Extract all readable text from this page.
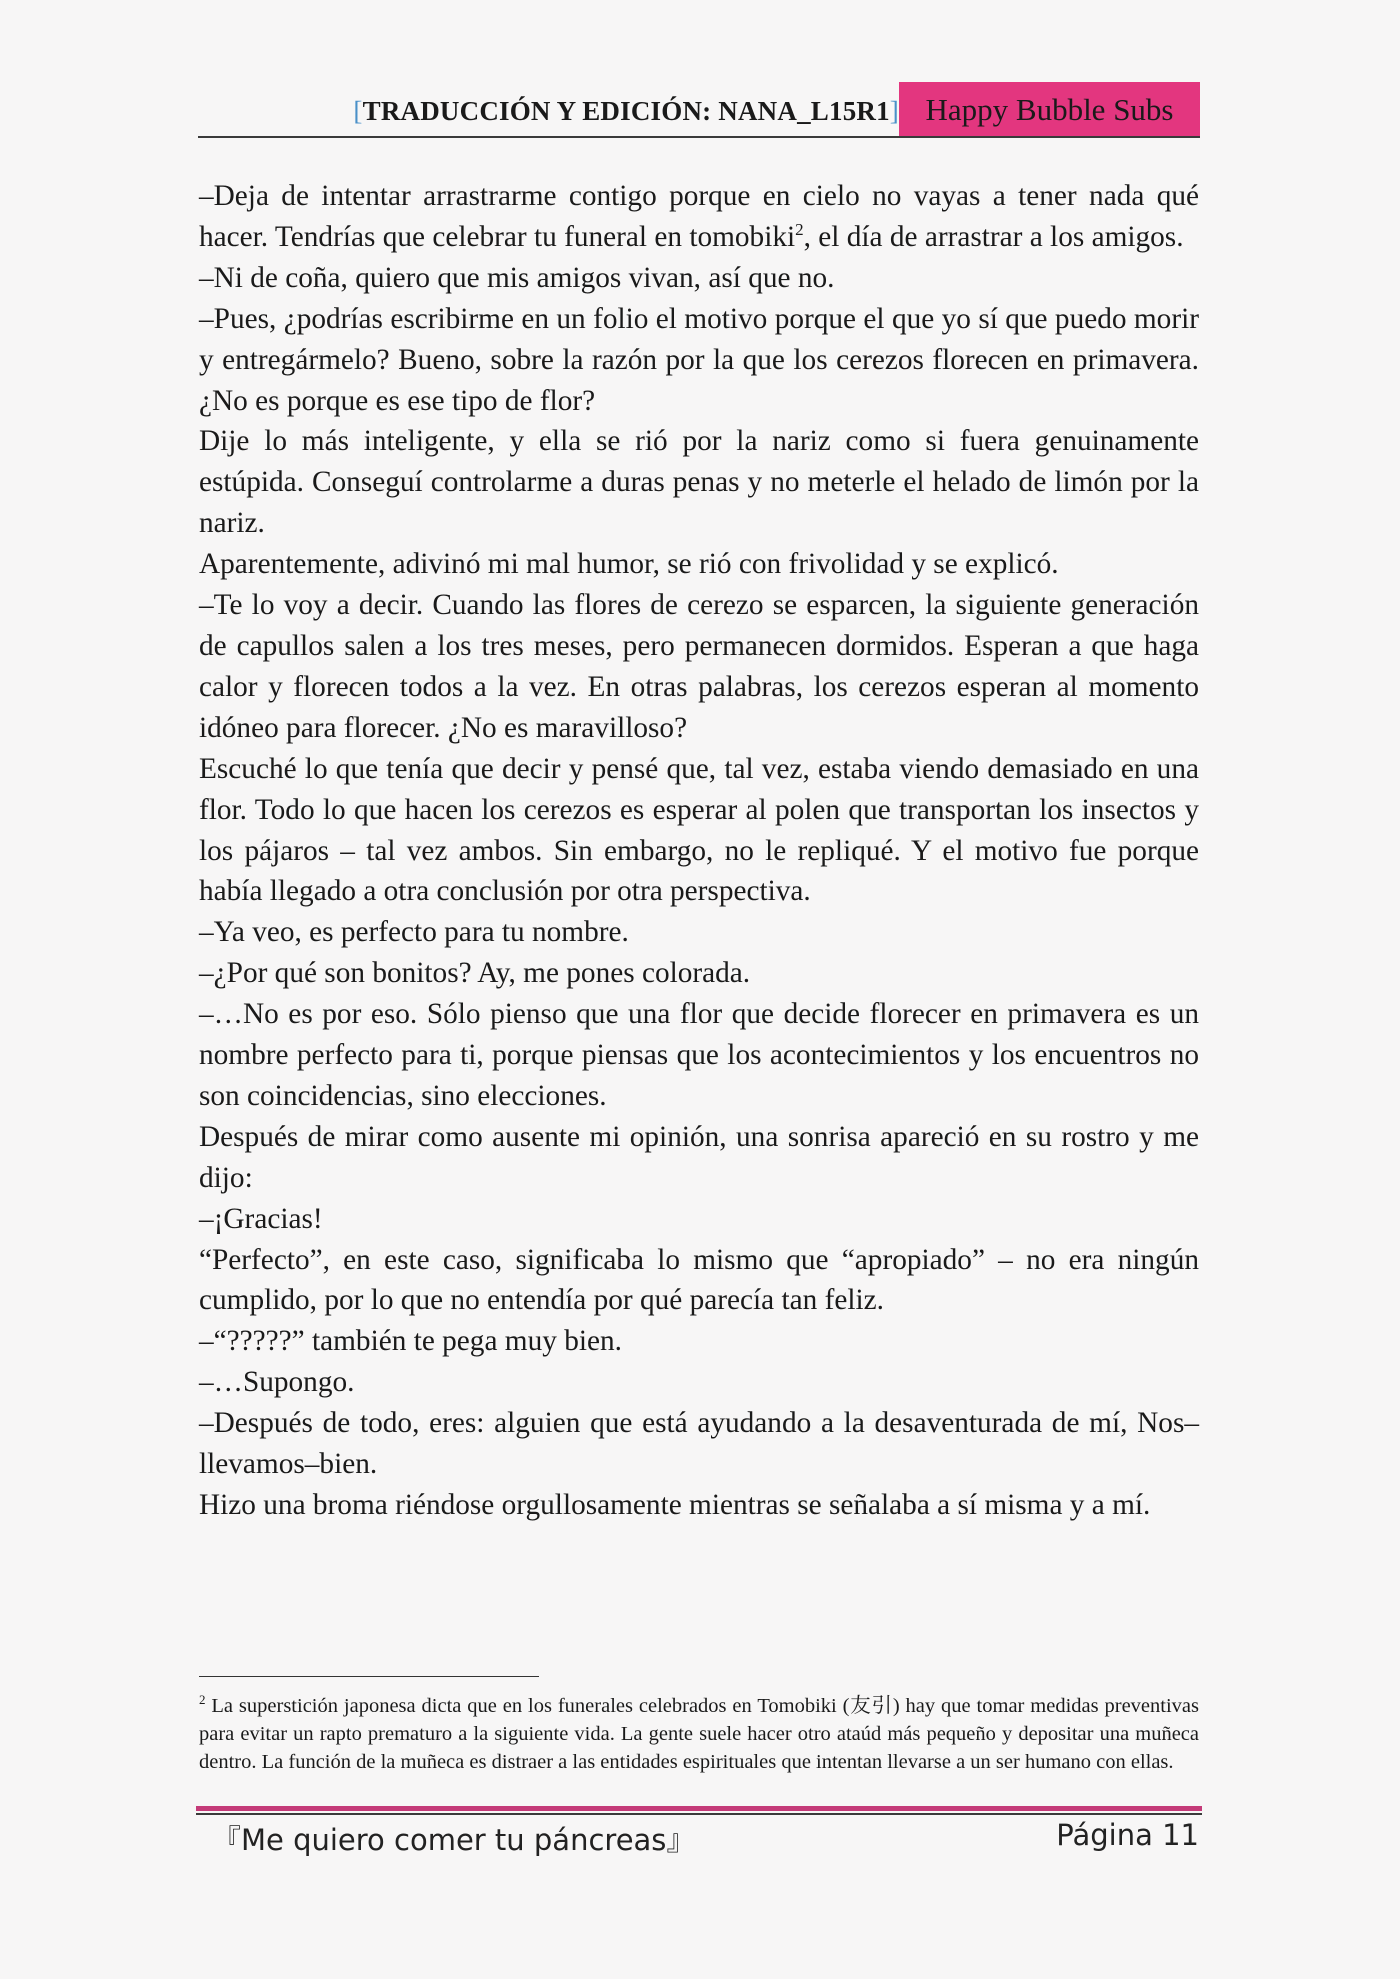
[TRADUCCIÓN Y EDICIÓN: NANA_L15R1] Happy Bubble Subs

–Deja de intentar arrastrarme contigo porque en cielo no vayas a tener nada qué hacer. Tendrías que celebrar tu funeral en tomobiki$^2$, el día de arrastrar a los amigos.

–Ni de coña, quiero que mis amigos vivan, así que no.

–Pues, ¿podrías escribirme en un folio el motivo porque el que yo sí que puedo morir y entregármelo? Bueno, sobre la razón por la que los cerezos florecen en primavera. ¿No es porque es ese tipo de flor?

Dije lo más inteligente, y ella se rió por la nariz como si fuera genuinamente estúpida. Conseguí controlarme a duras penas y no meterle el helado de limón por la nariz.

Aparentemente, adivinó mi mal humor, se rió con frivolidad y se explicó.

–Te lo voy a decir. Cuando las flores de cerezo se esparcen, la siguiente generación de capullos salen a los tres meses, pero permanecen dormidos. Esperan a que haga calor y florecen todos a la vez. En otras palabras, los cerezos esperan al momento idóneo para florecer. ¿No es maravilloso?

Escuché lo que tenía que decir y pensé que, tal vez, estaba viendo demasiado en una flor. Todo lo que hacen los cerezos es esperar al polen que transportan los insectos y los pájaros – tal vez ambos. Sin embargo, no le repliqué. Y el motivo fue porque había llegado a otra conclusión por otra perspectiva.

–Ya veo, es perfecto para tu nombre.

–¿Por qué son bonitos? Ay, me pones colorada.

–…No es por eso. Sólo pienso que una flor que decide florecer en primavera es un nombre perfecto para ti, porque piensas que los acontecimientos y los encuentros no son coincidencias, sino elecciones.

Después de mirar como ausente mi opinión, una sonrisa apareció en su rostro y me dijo:

–¡Gracias!

“Perfecto”, en este caso, significaba lo mismo que “apropiado” – no era ningún cumplido, por lo que no entendía por qué parecía tan feliz.

–“?????” también te pega muy bien.

–…Supongo.

–Después de todo, eres: alguien que está ayudando a la desaventurada de mí, Nos–llevamos–bien.

Hizo una broma riéndose orgullosamente mientras se señalaba a sí misma y a mí.

$^2$ La superstición japonesa dicta que en los funerales celebrados en Tomobiki (友引) hay que tomar medidas preventivas para evitar un rapto prematuro a la siguiente vida. La gente suele hacer otro ataúd más pequeño y depositar una muñeca dentro. La función de la muñeca es distraer a las entidades espirituales que intentan llevarse a un ser humano con ellas.
『Me quiero comer tu páncreas』	Página 11
